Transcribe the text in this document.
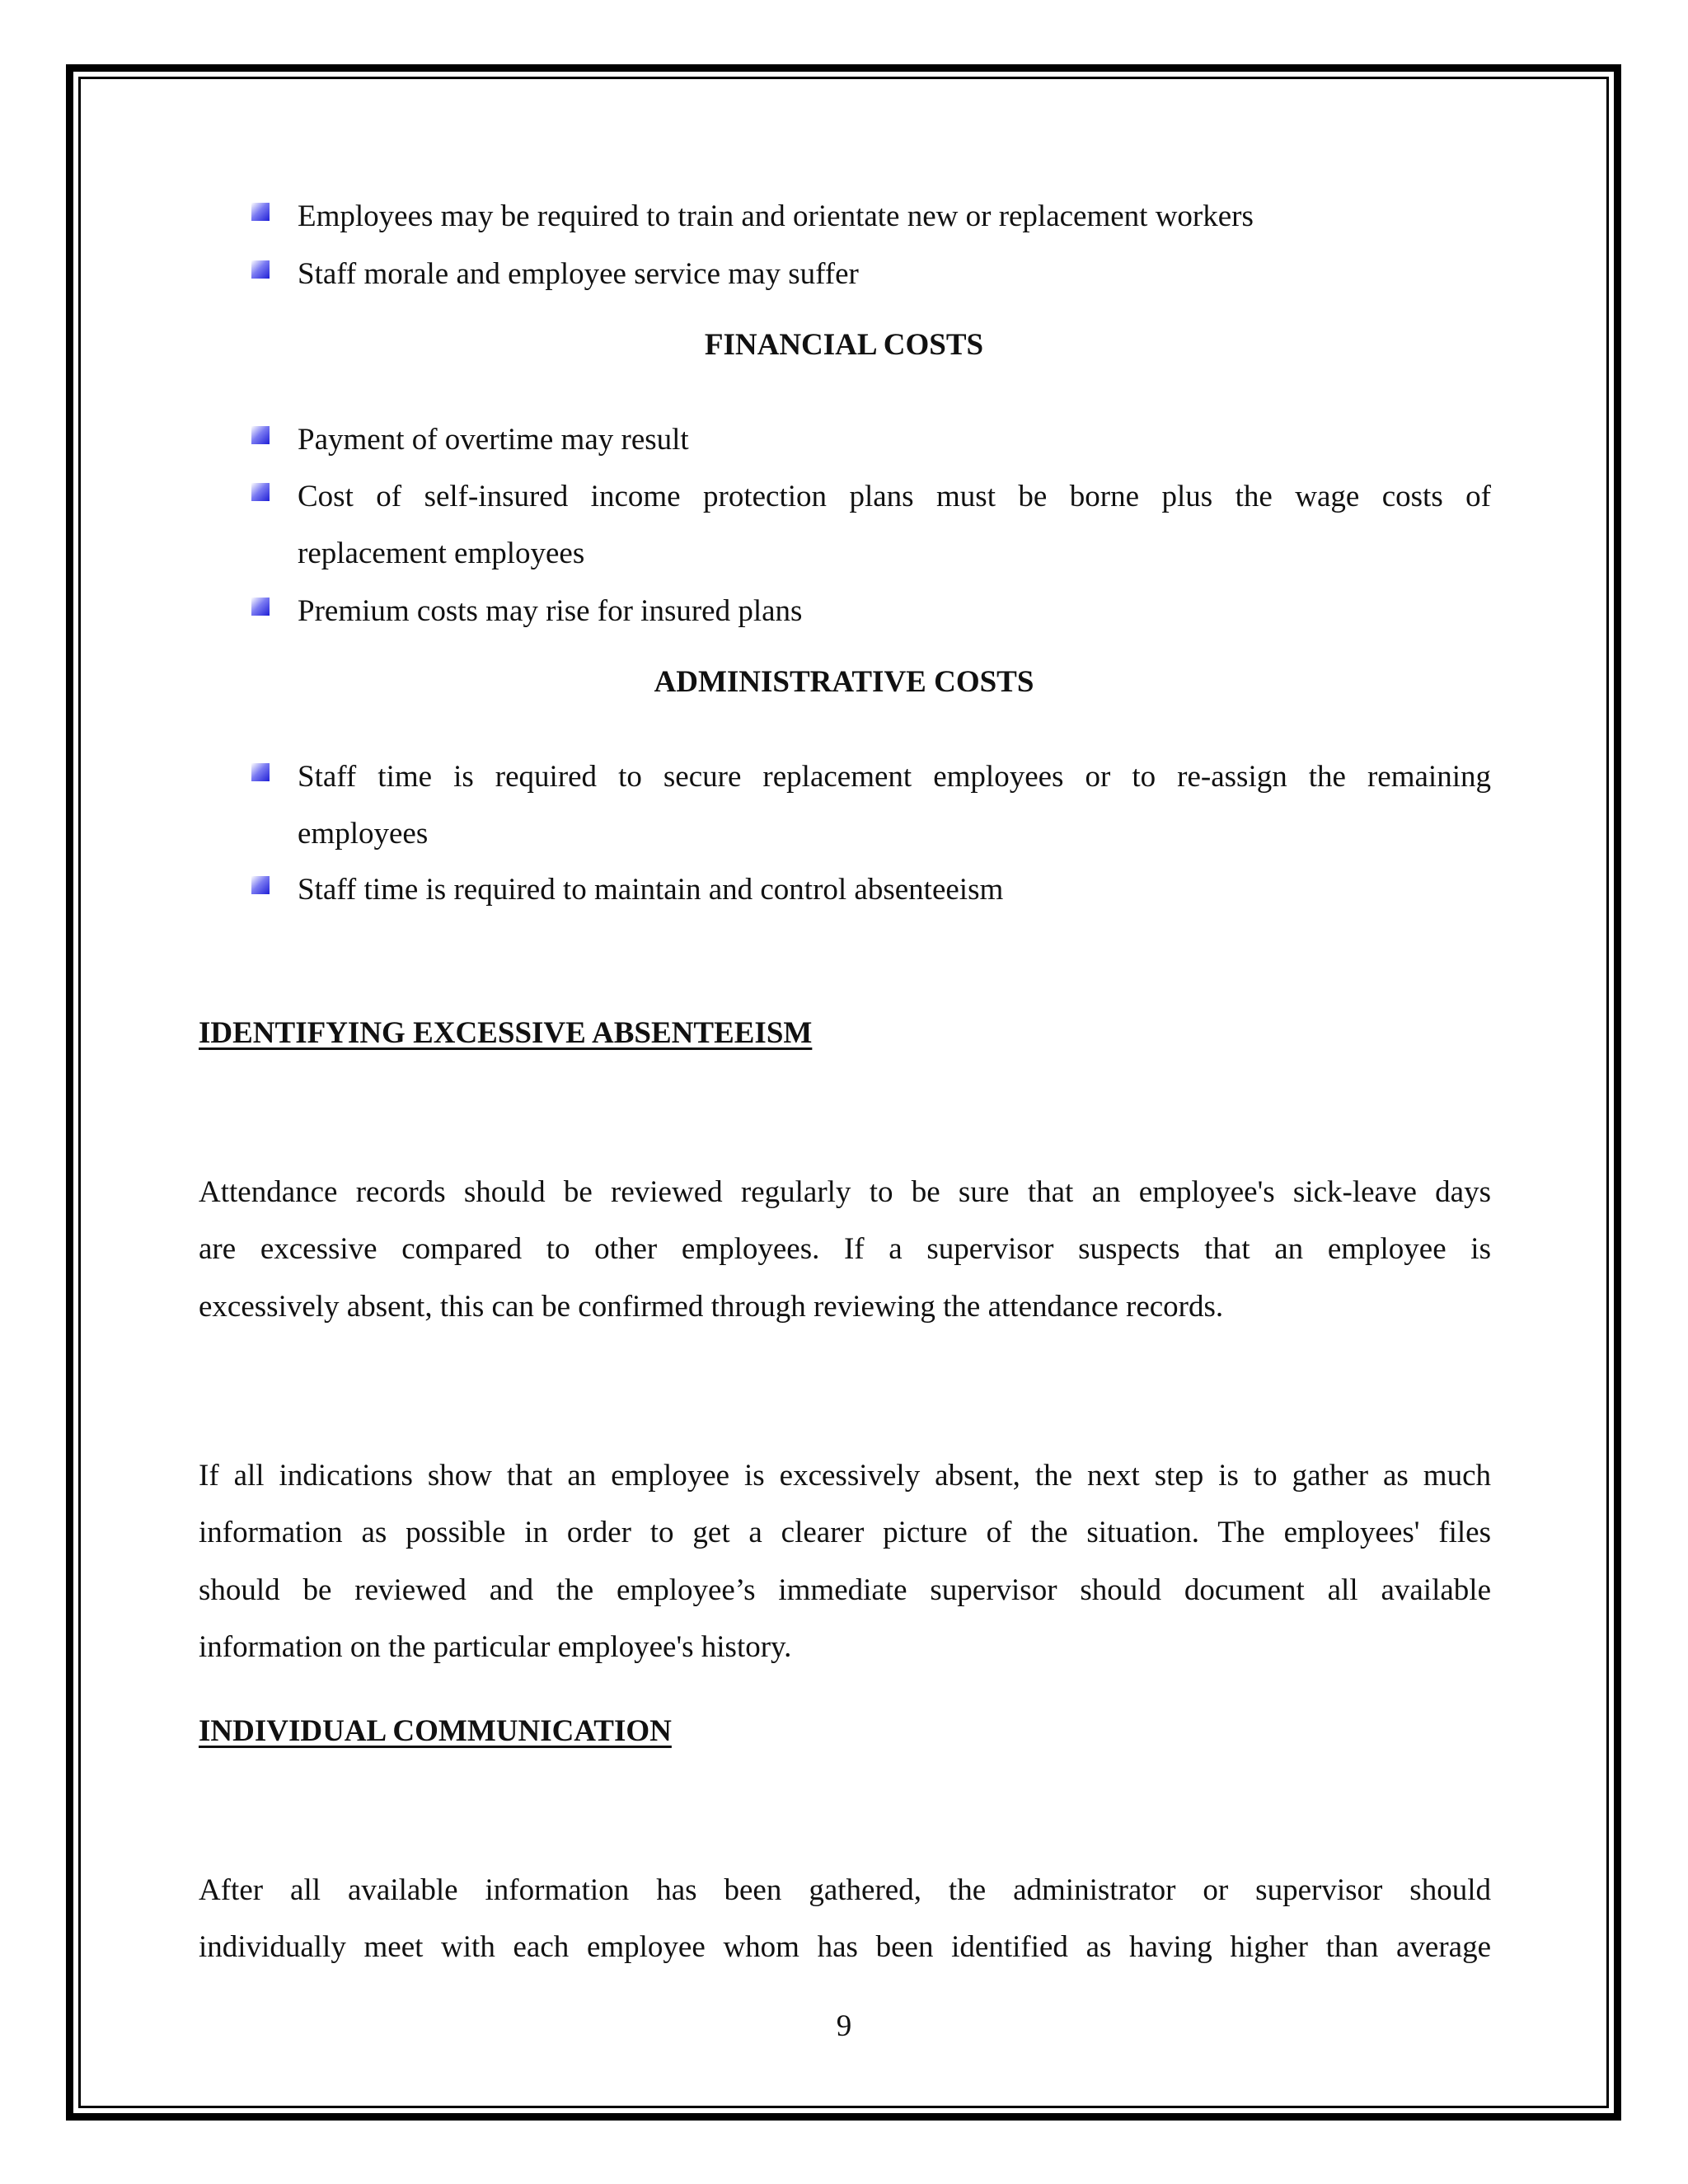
Employees may be required to train and orientate new or replacement workers
Staff morale and employee service may suffer
FINANCIAL COSTS
Payment of overtime may result
Cost of self-insured income protection plans must be borne plus the wage costs of
replacement employees
Premium costs may rise for insured plans
ADMINISTRATIVE COSTS
Staff time is required to secure replacement employees or to re-assign the remaining
employees
Staff time is required to maintain and control absenteeism
IDENTIFYING EXCESSIVE ABSENTEEISM
Attendance records should be reviewed regularly to be sure that an employee's sick-leave days
are excessive compared to other employees. If a supervisor suspects that an employee is
excessively absent, this can be confirmed through reviewing the attendance records.
If all indications show that an employee is excessively absent, the next step is to gather as much
information as possible in order to get a clearer picture of the situation. The employees' files
should be reviewed and the employee’s immediate supervisor should document all available
information on the particular employee's history.
INDIVIDUAL COMMUNICATION
After all available information has been gathered, the administrator or supervisor should
individually meet with each employee whom has been identified as having higher than average
9
